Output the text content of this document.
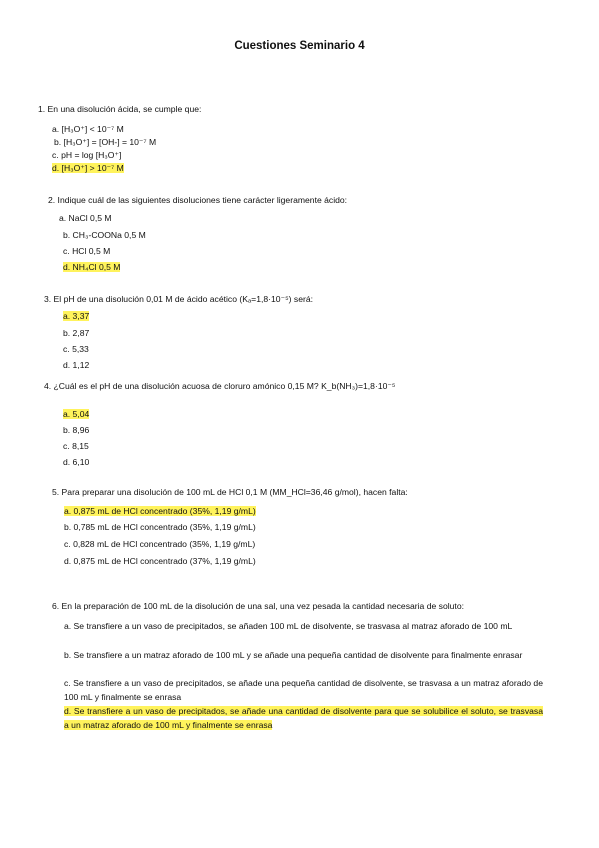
Cuestiones Seminario 4
1. En una disolución ácida, se cumple que:
a. [H₃O⁺] < 10⁻⁷ M
b. [H₃O⁺] = [OH-] = 10⁻⁷ M
c. pH = log [H₃O⁺]
d. [H₃O⁺] > 10⁻⁷ M
2. Indique cuál de las siguientes disoluciones tiene carácter ligeramente ácido:
a. NaCl 0,5 M
b. CH₃-COONa 0,5 M
c. HCl 0,5 M
d. NH₄Cl 0,5 M
3. El pH de una disolución 0,01 M de ácido acético (Kₐ=1,8·10⁻⁵) será:
a. 3,37
b. 2,87
c. 5,33
d. 1,12
4. ¿Cuál es el pH de una disolución acuosa de cloruro amónico 0,15 M? K_b(NH₃)=1,8·10⁻⁵
a. 5,04
b. 8,96
c. 8,15
d. 6,10
5. Para preparar una disolución de 100 mL de HCl 0,1 M (MM_HCl=36,46 g/mol), hacen falta:
a. 0,875 mL de HCl concentrado (35%, 1,19 g/mL)
b. 0,785 mL de HCl concentrado (35%, 1,19 g/mL)
c. 0,828 mL de HCl concentrado (35%, 1,19 g/mL)
d. 0,875 mL de HCl concentrado (37%, 1,19 g/mL)
6. En la preparación de 100 mL de la disolución de una sal, una vez pesada la cantidad necesaria de soluto:
a. Se transfiere a un vaso de precipitados, se añaden 100 mL de disolvente, se trasvasa al matraz aforado de 100 mL
b. Se transfiere a un matraz aforado de 100 mL y se añade una pequeña cantidad de disolvente para finalmente enrasar
c. Se transfiere a un vaso de precipitados, se añade una pequeña cantidad de disolvente, se trasvasa a un matraz aforado de 100 mL y finalmente se enrasa
d. Se transfiere a un vaso de precipitados, se añade una cantidad de disolvente para que se solubilice el soluto, se trasvasa a un matraz aforado de 100 mL y finalmente se enrasa
